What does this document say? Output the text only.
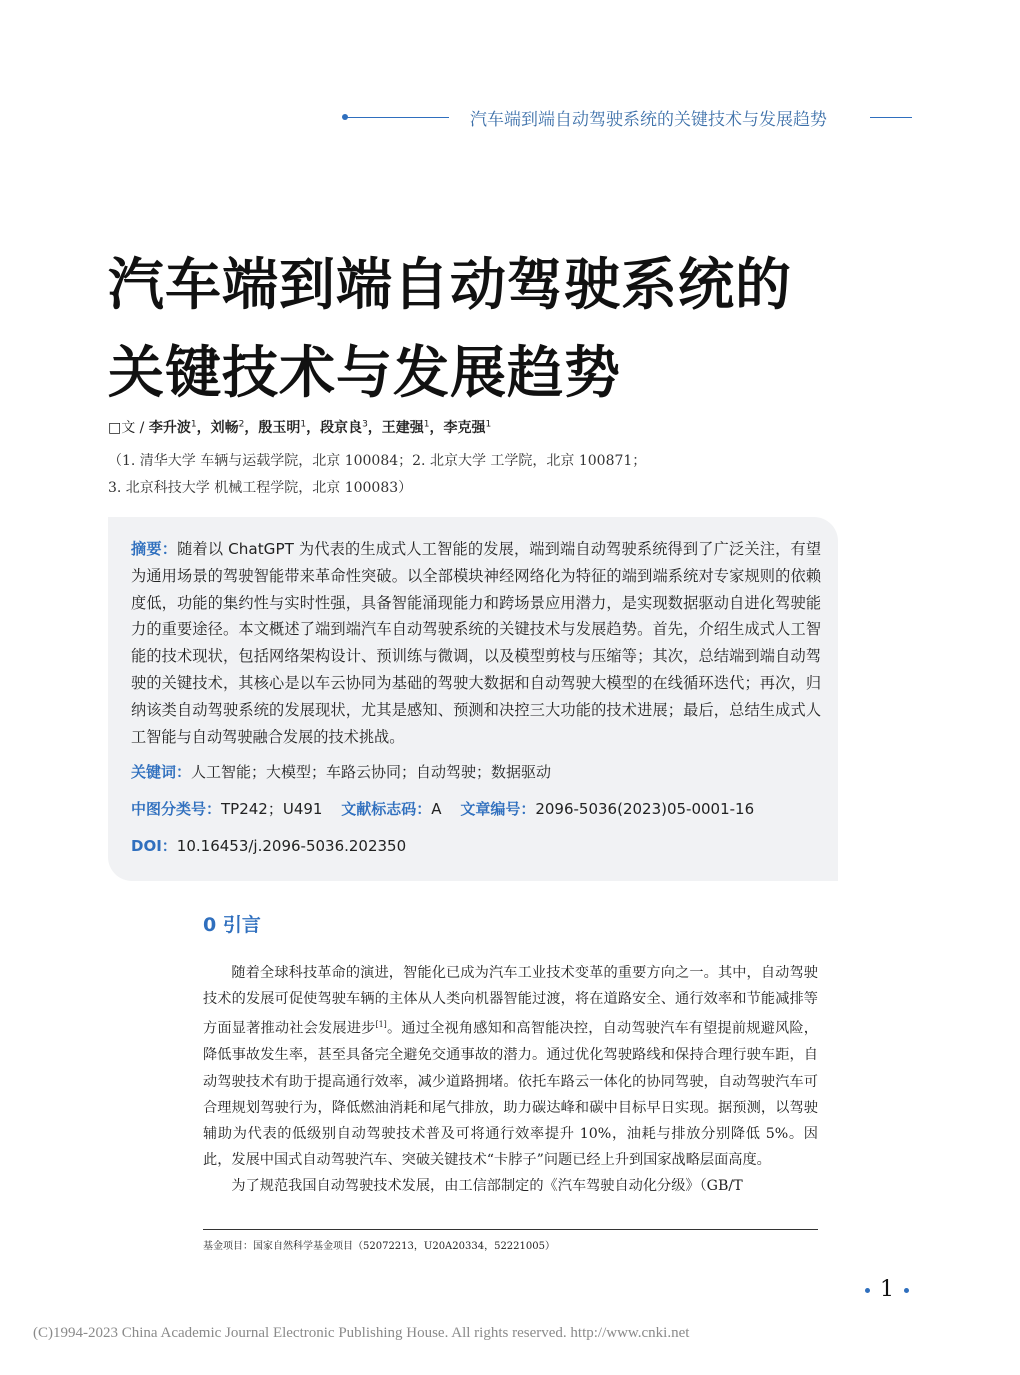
汽车端到端自动驾驶系统的关键技术与发展趋势
汽车端到端自动驾驶系统的
关键技术与发展趋势
□文 / 李升波$^1$，刘畅$^2$，殷玉明$^1$，段京良$^3$，王建强$^1$，李克强$^1$
（1. 清华大学 车辆与运载学院，北京 100084；2. 北京大学 工学院，北京 100871；
3. 北京科技大学 机械工程学院，北京 100083）
摘要：随着以 ChatGPT 为代表的生成式人工智能的发展，端到端自动驾驶系统得到了广泛关注，有望为通用场景的驾驶智能带来革命性突破。以全部模块神经网络化为特征的端到端系统对专家规则的依赖度低，功能的集约性与实时性强，具备智能涌现能力和跨场景应用潜力，是实现数据驱动自进化驾驶能力的重要途径。本文概述了端到端汽车自动驾驶系统的关键技术与发展趋势。首先，介绍生成式人工智能的技术现状，包括网络架构设计、预训练与微调，以及模型剪枝与压缩等；其次，总结端到端自动驾驶的关键技术，其核心是以车云协同为基础的驾驶大数据和自动驾驶大模型的在线循环迭代；再次，归纳该类自动驾驶系统的发展现状，尤其是感知、预测和决控三大功能的技术进展；最后，总结生成式人工智能与自动驾驶融合发展的技术挑战。
关键词：人工智能；大模型；车路云协同；自动驾驶；数据驱动
中图分类号：TP242；U491 文献标志码：A 文章编号：2096-5036(2023)05-0001-16
DOI：10.16453/j.2096-5036.202350
0 引言

随着全球科技革命的演进，智能化已成为汽车工业技术变革的重要方向之一。其中，自动驾驶技术的发展可促使驾驶车辆的主体从人类向机器智能过渡，将在道路安全、通行效率和节能减排等方面显著推动社会发展进步[1]。通过全视角感知和高智能决控，自动驾驶汽车有望提前规避风险，降低事故发生率，甚至具备完全避免交通事故的潜力。通过优化驾驶路线和保持合理行驶车距，自动驾驶技术有助于提高通行效率，减少道路拥堵。依托车路云一体化的协同驾驶，自动驾驶汽车可合理规划驾驶行为，降低燃油消耗和尾气排放，助力碳达峰和碳中目标早日实现。据预测，以驾驶辅助为代表的低级别自动驾驶技术普及可将通行效率提升 10%，油耗与排放分别降低 5%。因此，发展中国式自动驾驶汽车、突破关键技术“卡脖子”问题已经上升到国家战略层面高度。

为了规范我国自动驾驶技术发展，由工信部制定的《汽车驾驶自动化分级》（GB/T

基金项目：国家自然科学基金项目（52072213，U20A20334，52221005）
1
(C)1994-2023 China Academic Journal Electronic Publishing House. All rights reserved. http://www.cnki.net
